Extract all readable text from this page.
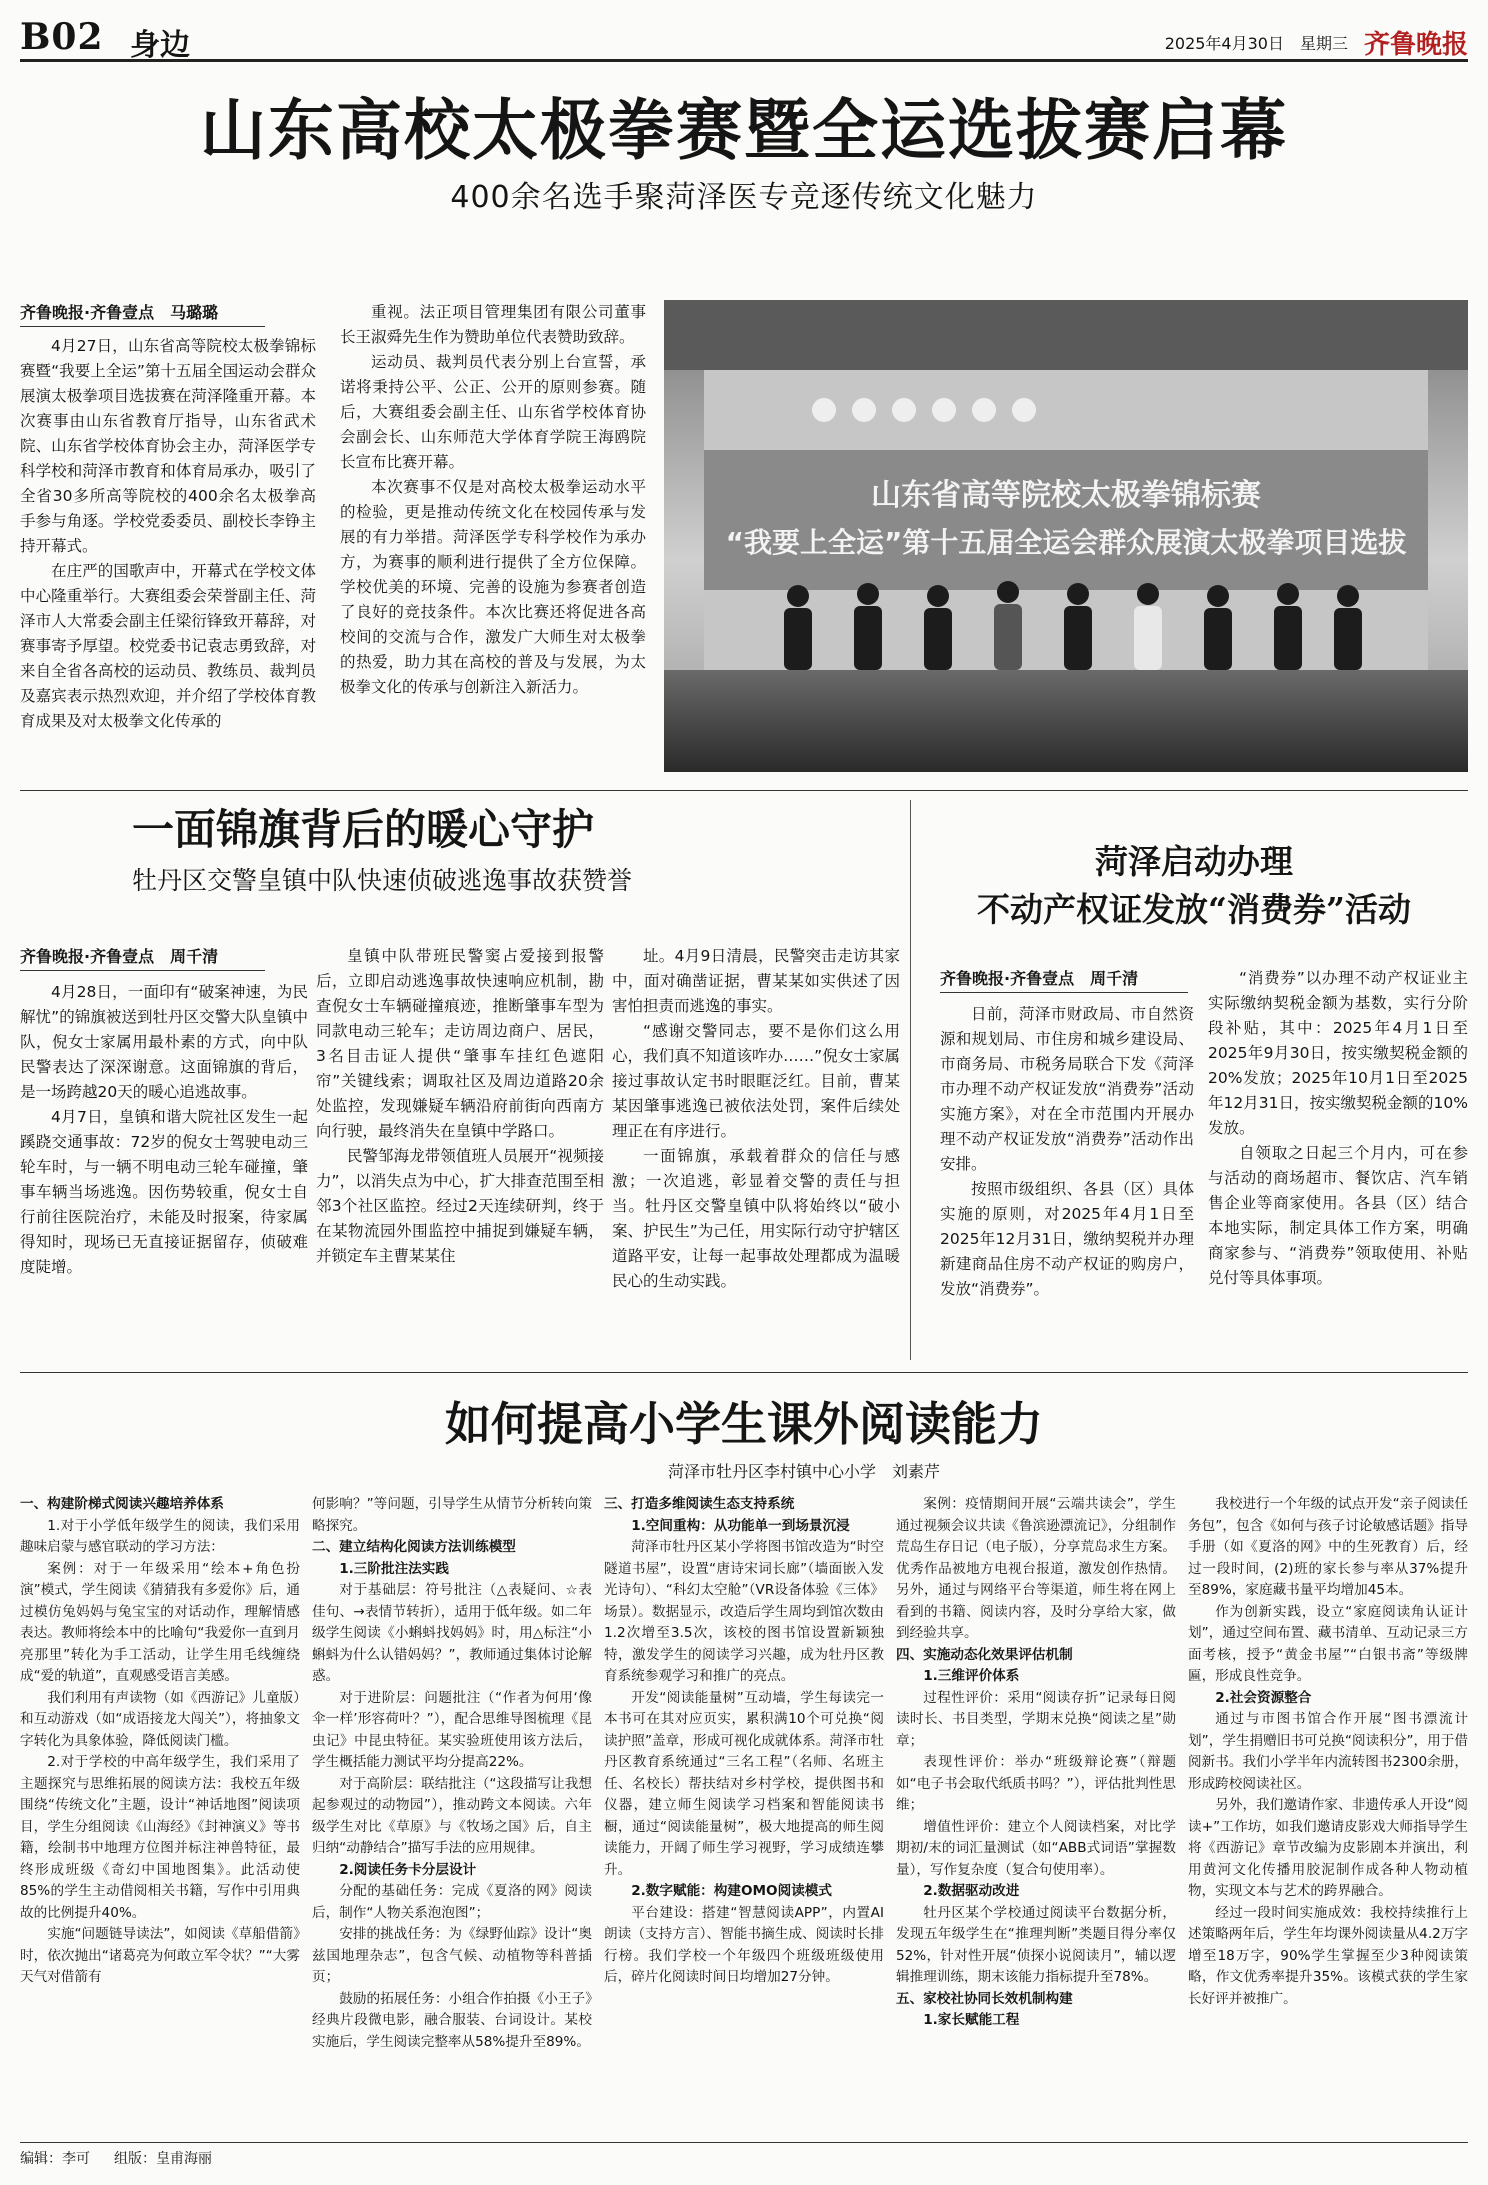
B02 身边	2025年4月30日 星期三 齐鲁晚报
山东高校太极拳赛暨全运选拔赛启幕
400余名选手聚菏泽医专竞逐传统文化魅力
齐鲁晚报·齐鲁壹点　马璐璐

4月27日，山东省高等院校太极拳锦标赛暨“我要上全运”第十五届全国运动会群众展演太极拳项目选拔赛在菏泽隆重开幕。本次赛事由山东省教育厅指导，山东省武术院、山东省学校体育协会主办，菏泽医学专科学校和菏泽市教育和体育局承办，吸引了全省30多所高等院校的400余名太极拳高手参与角逐。学校党委委员、副校长李铮主持开幕式。

在庄严的国歌声中，开幕式在学校文体中心隆重举行。大赛组委会荣誉副主任、菏泽市人大常委会副主任梁衍锋致开幕辞，对赛事寄予厚望。校党委书记袁志勇致辞，对来自全省各高校的运动员、教练员、裁判员及嘉宾表示热烈欢迎，并介绍了学校体育教育成果及对太极拳文化传承的

重视。法正项目管理集团有限公司董事长王淑舜先生作为赞助单位代表赞助致辞。

运动员、裁判员代表分别上台宣誓，承诺将秉持公平、公正、公开的原则参赛。随后，大赛组委会副主任、山东省学校体育协会副会长、山东师范大学体育学院王海鸥院长宣布比赛开幕。

本次赛事不仅是对高校太极拳运动水平的检验，更是推动传统文化在校园传承与发展的有力举措。菏泽医学专科学校作为承办方，为赛事的顺利进行提供了全方位保障。学校优美的环境、完善的设施为参赛者创造了良好的竞技条件。本次比赛还将促进各高校间的交流与合作，激发广大师生对太极拳的热爱，助力其在高校的普及与发展，为太极拳文化的传承与创新注入新活力。

山东省高等院校太极拳锦标赛
“我要上全运”第十五届全运会群众展演太极拳项目选拔
一面锦旗背后的暖心守护
牡丹区交警皇镇中队快速侦破逃逸事故获赞誉
齐鲁晚报·齐鲁壹点　周千清

4月28日，一面印有“破案神速，为民解忧”的锦旗被送到牡丹区交警大队皇镇中队，倪女士家属用最朴素的方式，向中队民警表达了深深谢意。这面锦旗的背后，是一场跨越20天的暖心追逃故事。

4月7日，皇镇和谐大院社区发生一起蹊跷交通事故：72岁的倪女士驾驶电动三轮车时，与一辆不明电动三轮车碰撞，肇事车辆当场逃逸。因伤势较重，倪女士自行前往医院治疗，未能及时报案，待家属得知时，现场已无直接证据留存，侦破难度陡增。

皇镇中队带班民警窦占爱接到报警后，立即启动逃逸事故快速响应机制，勘查倪女士车辆碰撞痕迹，推断肇事车型为同款电动三轮车；走访周边商户、居民，3名目击证人提供“肇事车挂红色遮阳帘”关键线索；调取社区及周边道路20余处监控，发现嫌疑车辆沿府前街向西南方向行驶，最终消失在皇镇中学路口。

民警邹海龙带领值班人员展开“视频接力”，以消失点为中心，扩大排查范围至相邻3个社区监控。经过2天连续研判，终于在某物流园外围监控中捕捉到嫌疑车辆，并锁定车主曹某某住

址。4月9日清晨，民警突击走访其家中，面对确凿证据，曹某某如实供述了因害怕担责而逃逸的事实。

“感谢交警同志，要不是你们这么用心，我们真不知道该咋办……”倪女士家属接过事故认定书时眼眶泛红。目前，曹某某因肇事逃逸已被依法处罚，案件后续处理正在有序进行。

一面锦旗，承载着群众的信任与感激；一次追逃，彰显着交警的责任与担当。牡丹区交警皇镇中队将始终以“破小案、护民生”为己任，用实际行动守护辖区道路平安，让每一起事故处理都成为温暖民心的生动实践。

菏泽启动办理
不动产权证发放“消费券”活动
齐鲁晚报·齐鲁壹点　周千清

日前，菏泽市财政局、市自然资源和规划局、市住房和城乡建设局、市商务局、市税务局联合下发《菏泽市办理不动产权证发放“消费券”活动实施方案》，对在全市范围内开展办理不动产权证发放“消费券”活动作出安排。

按照市级组织、各县（区）具体实施的原则，对2025年4月1日至2025年12月31日，缴纳契税并办理新建商品住房不动产权证的购房户，发放“消费券”。

“消费券”以办理不动产权证业主实际缴纳契税金额为基数，实行分阶段补贴，其中：2025年4月1日至2025年9月30日，按实缴契税金额的20%发放；2025年10月1日至2025年12月31日，按实缴契税金额的10%发放。

自领取之日起三个月内，可在参与活动的商场超市、餐饮店、汽车销售企业等商家使用。各县（区）结合本地实际，制定具体工作方案，明确商家参与、“消费券”领取使用、补贴兑付等具体事项。

如何提高小学生课外阅读能力
菏泽市牡丹区李村镇中心小学　刘素芹

一、构建阶梯式阅读兴趣培养体系

1.对于小学低年级学生的阅读，我们采用趣味启蒙与感官联动的学习方法：

案例：对于一年级采用“绘本+角色扮演”模式，学生阅读《猜猜我有多爱你》后，通过模仿兔妈妈与兔宝宝的对话动作，理解情感表达。教师将绘本中的比喻句“我爱你一直到月亮那里”转化为手工活动，让学生用毛线缠绕成“爱的轨道”，直观感受语言美感。

我们利用有声读物（如《西游记》儿童版）和互动游戏（如“成语接龙大闯关”），将抽象文字转化为具象体验，降低阅读门槛。

2.对于学校的中高年级学生，我们采用了主题探究与思维拓展的阅读方法：我校五年级围绕“传统文化”主题，设计“神话地图”阅读项目，学生分组阅读《山海经》《封神演义》等书籍，绘制书中地理方位图并标注神兽特征，最终形成班级《奇幻中国地图集》。此活动使85%的学生主动借阅相关书籍，写作中引用典故的比例提升40%。

实施“问题链导读法”，如阅读《草船借箭》时，依次抛出“诸葛亮为何敢立军令状？”“大雾天气对借箭有

何影响？”等问题，引导学生从情节分析转向策略探究。

二、建立结构化阅读方法训练模型

1.三阶批注法实践

对于基础层：符号批注（△表疑问、☆表佳句、→表情节转折），适用于低年级。如二年级学生阅读《小蝌蚪找妈妈》时，用△标注“小蝌蚪为什么认错妈妈？”，教师通过集体讨论解惑。

对于进阶层：问题批注（“作者为何用‘像伞一样’形容荷叶？”），配合思维导图梳理《昆虫记》中昆虫特征。某实验班使用该方法后，学生概括能力测试平均分提高22%。

对于高阶层：联结批注（“这段描写让我想起参观过的动物园”），推动跨文本阅读。六年级学生对比《草原》与《牧场之国》后，自主归纳“动静结合”描写手法的应用规律。

2.阅读任务卡分层设计

分配的基础任务：完成《夏洛的网》阅读后，制作“人物关系泡泡图”；

安排的挑战任务：为《绿野仙踪》设计“奥兹国地理杂志”，包含气候、动植物等科普插页；

鼓励的拓展任务：小组合作拍摄《小王子》经典片段微电影，融合服装、台词设计。某校实施后，学生阅读完整率从58%提升至89%。

三、打造多维阅读生态支持系统

1.空间重构：从功能单一到场景沉浸

菏泽市牡丹区某小学将图书馆改造为“时空隧道书屋”，设置“唐诗宋词长廊”（墙面嵌入发光诗句）、“科幻太空舱”（VR设备体验《三体》场景）。数据显示，改造后学生周均到馆次数由1.2次增至3.5次，该校的图书馆设置新颖独特，激发学生的阅读学习兴趣，成为牡丹区教育系统参观学习和推广的亮点。

开发“阅读能量树”互动墙，学生每读完一本书可在其对应页实，累积满10个可兑换“阅读护照”盖章，形成可视化成就体系。菏泽市牡丹区教育系统通过“三名工程”（名师、名班主任、名校长）帮扶结对乡村学校，提供图书和仪器，建立师生阅读学习档案和智能阅读书橱，通过“阅读能量树”，极大地提高的师生阅读能力，开阔了师生学习视野，学习成绩连攀升。

2.数字赋能：构建OMO阅读模式

平台建设：搭建“智慧阅读APP”，内置AI朗读（支持方言）、智能书摘生成、阅读时长排行榜。我们学校一个年级四个班级班级使用后，碎片化阅读时间日均增加27分钟。

案例：疫情期间开展“云端共读会”，学生通过视频会议共读《鲁滨逊漂流记》，分组制作荒岛生存日记（电子版），分享荒岛求生方案。优秀作品被地方电视台报道，激发创作热情。另外，通过与网络平台等渠道，师生将在网上看到的书籍、阅读内容，及时分享给大家，做到经验共享。

四、实施动态化效果评估机制

1.三维评价体系

过程性评价：采用“阅读存折”记录每日阅读时长、书目类型，学期末兑换“阅读之星”勋章；

表现性评价：举办“班级辩论赛”（辩题如“电子书会取代纸质书吗？”），评估批判性思维；

增值性评价：建立个人阅读档案，对比学期初/末的词汇量测试（如“ABB式词语”掌握数量），写作复杂度（复合句使用率）。

2.数据驱动改进

牡丹区某个学校通过阅读平台数据分析，发现五年级学生在“推理判断”类题目得分率仅52%，针对性开展“侦探小说阅读月”，辅以逻辑推理训练，期末该能力指标提升至78%。

五、家校社协同长效机制构建

1.家长赋能工程

我校进行一个年级的试点开发“亲子阅读任务包”，包含《如何与孩子讨论敏感话题》指导手册（如《夏洛的网》中的生死教育）后，经过一段时间，(2)班的家长参与率从37%提升至89%，家庭藏书量平均增加45本。

作为创新实践，设立“家庭阅读角认证计划”，通过空间布置、藏书清单、互动记录三方面考核，授予“黄金书屋”“白银书斋”等级牌匾，形成良性竞争。

2.社会资源整合

通过与市图书馆合作开展“图书漂流计划”，学生捐赠旧书可兑换“阅读积分”，用于借阅新书。我们小学半年内流转图书2300余册，形成跨校阅读社区。

另外，我们邀请作家、非遗传承人开设“阅读+”工作坊，如我们邀请皮影戏大师指导学生将《西游记》章节改编为皮影剧本并演出，利用黄河文化传播用胶泥制作成各种人物动植物，实现文本与艺术的跨界融合。

经过一段时间实施成效：我校持续推行上述策略两年后，学生年均课外阅读量从4.2万字增至18万字，90%学生掌握至少3种阅读策略，作文优秀率提升35%。该模式获的学生家长好评并被推广。

编辑：李可 组版：皇甫海丽
